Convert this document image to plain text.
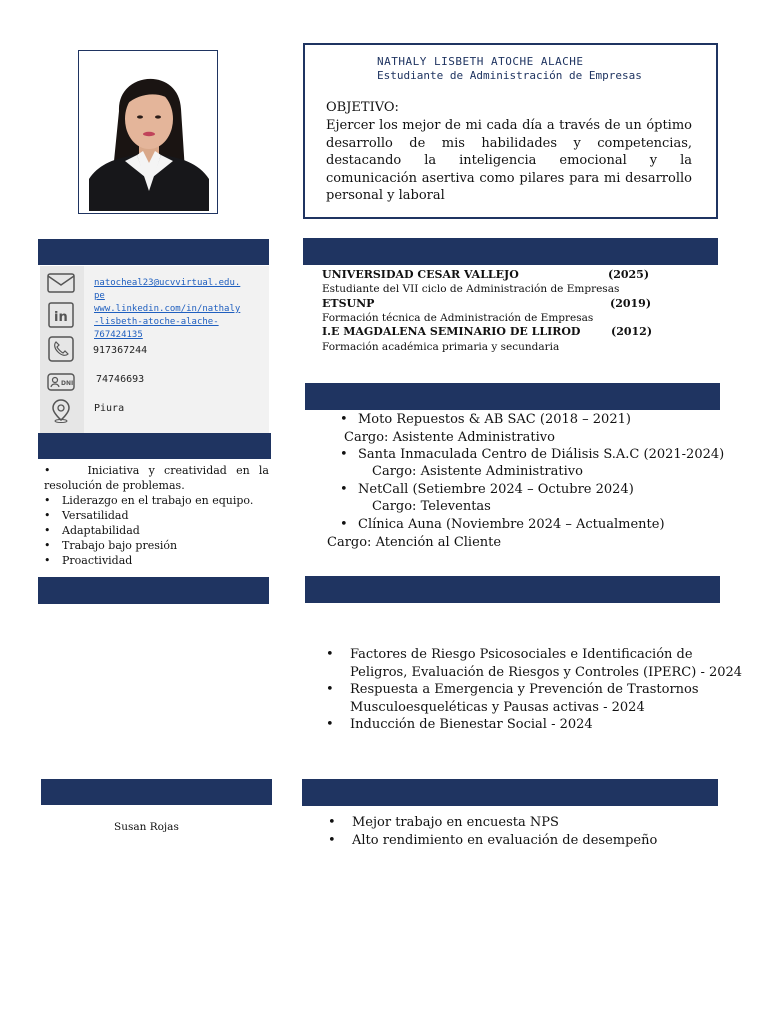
NATHALY LISBETH ATOCHE ALACHE
Estudiante de Administración de Empresas
OBJETIVO:
Ejercer los mejor de mi cada día a través de un óptimo desarrollo de mis habilidades y competencias, destacando la inteligencia emocional y la comunicación asertiva como pilares para mi desarrollo personal y laboral
in
DNI
natocheal23@ucvvirtual.edu.
pe
www.linkedin.com/in/nathaly
-lisbeth-atoche-alache-
767424135
917367244
74746693
Piura
•    Iniciativa y creatividad en la resolución de problemas.
• Liderazgo en el trabajo en equipo.
• Versatilidad
• Adaptabilidad
• Trabajo bajo presión
• Proactividad
UNIVERSIDAD CESAR VALLEJO	(2025)
Estudiante del VII ciclo de Administración de Empresas
ETSUNP	(2019)
Formación técnica de Administración de Empresas
I.E MAGDALENA SEMINARIO DE LLIROD	(2012)
Formación académica primaria y secundaria
• Moto Repuestos & AB SAC (2018 – 2021)
Cargo: Asistente Administrativo
• Santa Inmaculada Centro de Diálisis S.A.C (2021-2024)
Cargo: Asistente Administrativo
• NetCall (Setiembre 2024 – Octubre 2024)
Cargo: Televentas
• Clínica Auna (Noviembre 2024 – Actualmente)
Cargo: Atención al Cliente
• Factores de Riesgo Psicosociales e Identificación de
Peligros, Evaluación de Riesgos y Controles (IPERC) - 2024
• Respuesta a Emergencia y Prevención de Trastornos
Musculoesqueléticas y Pausas activas - 2024
• Inducción de Bienestar Social - 2024
Susan Rojas	• Mejor trabajo en encuesta NPS
• Alto rendimiento en evaluación de desempeño
